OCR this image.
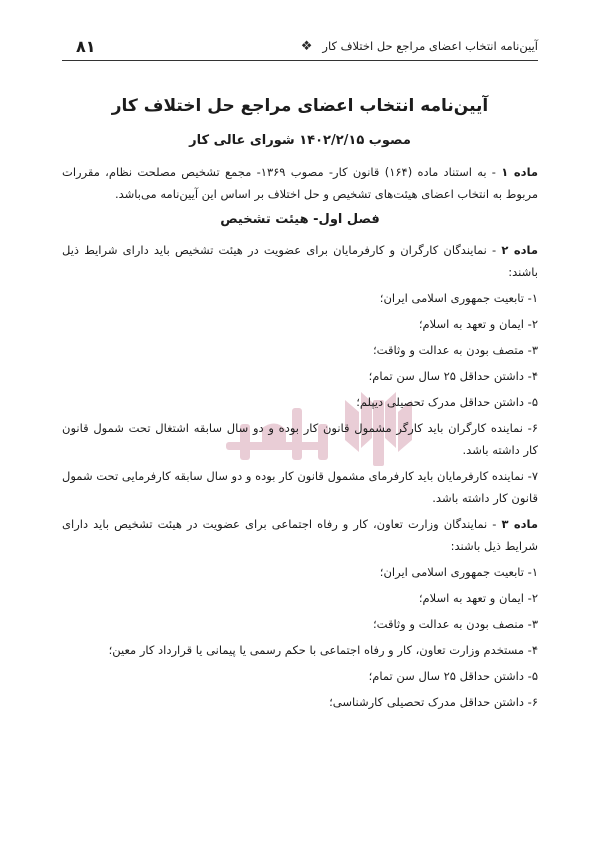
آیین‌نامه انتخاب اعضای مراجع حل اختلاف کار
❖
۸۱
آیین‌نامه انتخاب اعضای مراجع حل اختلاف کار

مصوب ۱۴۰۲/۲/۱۵ شورای عالی کار

ماده ۱ - به استناد ماده (۱۶۴) قانون کار- مصوب ۱۳۶۹- مجمع تشخیص مصلحت نظام، مقررات مربوط به انتخاب اعضای هیئت‌های تشخیص و حل اختلاف بر اساس این آیین‌نامه می‌باشد.

فصل اول- هیئت تشخیص

ماده ۲ - نمایندگان کارگران و کارفرمایان برای عضویت در هیئت تشخیص باید دارای شرایط ذیل باشند:

۱- تابعیت جمهوری اسلامی ایران؛

۲- ایمان و تعهد به اسلام؛

۳- متصف بودن به عدالت و وثاقت؛

۴- داشتن حداقل ۲۵ سال سن تمام؛

۵- داشتن حداقل مدرک تحصیلی دیپلم؛

۶- نماینده کارگران باید کارگر مشمول قانون کار بوده و دو سال سابقه اشتغال تحت شمول قانون کار داشته باشد.

۷- نماینده کارفرمایان باید کارفرمای مشمول قانون کار بوده و دو سال سابقه کارفرمایی تحت شمول قانون کار داشته باشد.

ماده ۳ - نمایندگان وزارت تعاون، کار و رفاه اجتماعی برای عضویت در هیئت تشخیص باید دارای شرایط ذیل باشند:

۱- تابعیت جمهوری اسلامی ایران؛

۲- ایمان و تعهد به اسلام؛

۳- منصف بودن به عدالت و وثاقت؛

۴- مستخدم وزارت تعاون، کار و رفاه اجتماعی با حکم رسمی یا پیمانی یا قرارداد کار معین؛

۵- داشتن حداقل ۲۵ سال سن تمام؛

۶- داشتن حداقل مدرک تحصیلی کارشناسی؛
